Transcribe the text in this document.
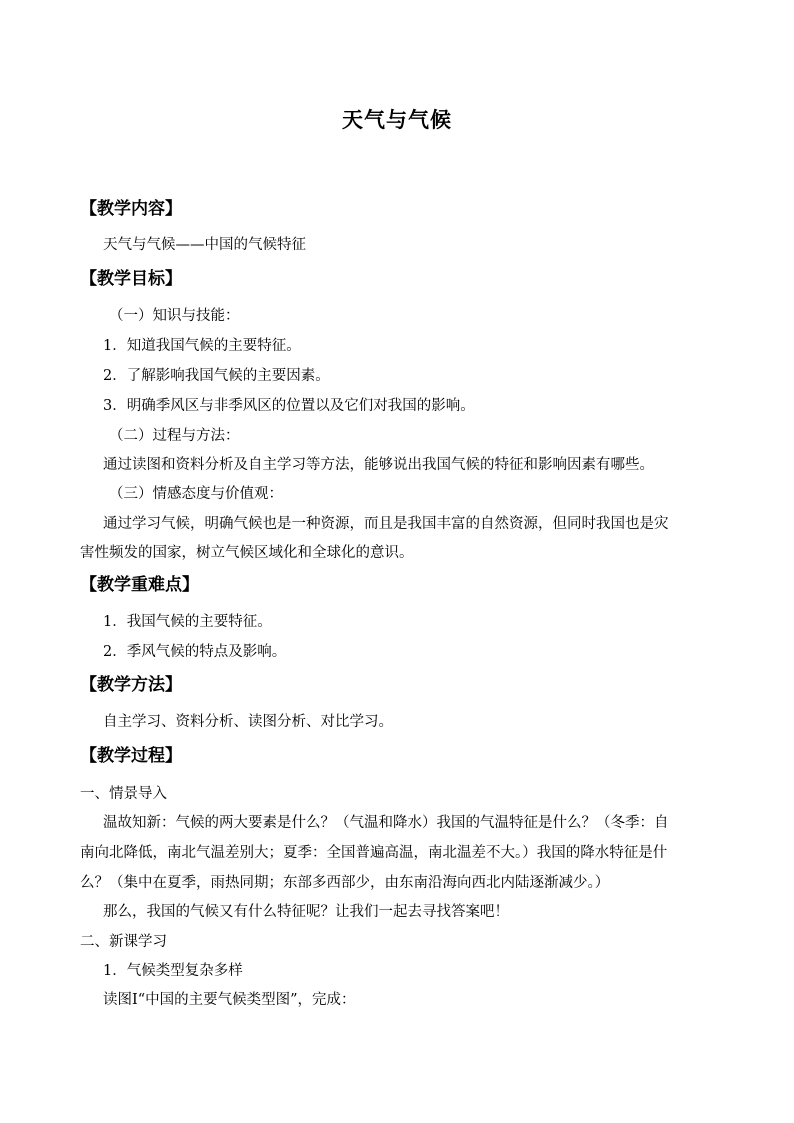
天气与气候
【教学内容】
天气与气候——中国的气候特征
【教学目标】
（一）知识与技能：
1．知道我国气候的主要特征。
2．了解影响我国气候的主要因素。
3．明确季风区与非季风区的位置以及它们对我国的影响。
（二）过程与方法：
通过读图和资料分析及自主学习等方法，能够说出我国气候的特征和影响因素有哪些。
（三）情感态度与价值观：
通过学习气候，明确气候也是一种资源，而且是我国丰富的自然资源，但同时我国也是灾
害性频发的国家，树立气候区域化和全球化的意识。
【教学重难点】
1．我国气候的主要特征。
2．季风气候的特点及影响。
【教学方法】
自主学习、资料分析、读图分析、对比学习。
【教学过程】
一、情景导入
温故知新：气候的两大要素是什么？（气温和降水）我国的气温特征是什么？（冬季：自
南向北降低，南北气温差别大；夏季：全国普遍高温，南北温差不大。）我国的降水特征是什
么？（集中在夏季，雨热同期；东部多西部少，由东南沿海向西北内陆逐渐减少。）
那么，我国的气候又有什么特征呢？让我们一起去寻找答案吧！
二、新课学习
1．气候类型复杂多样
读图Ⅰ“中国的主要气候类型图”，完成：
